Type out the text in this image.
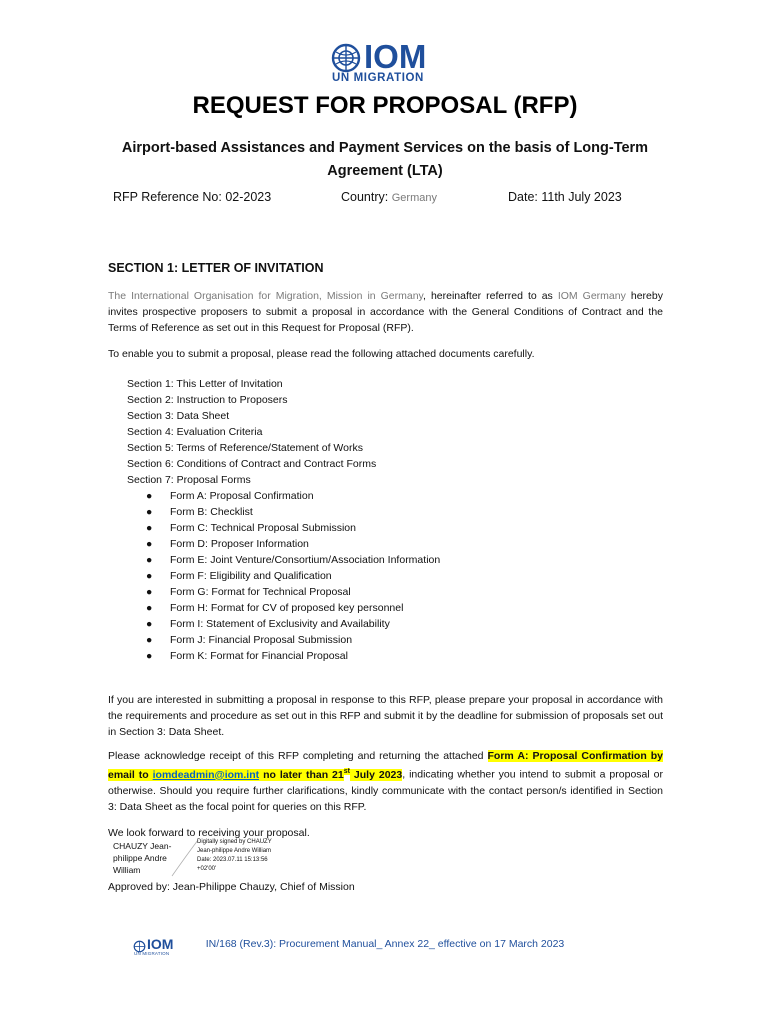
IOM
UN MIGRATION
REQUEST FOR PROPOSAL (RFP)
Airport-based Assistances and Payment Services on the basis of Long-Term
Agreement (LTA)
RFP Reference No: 02-2023	Country: Germany	Date: 11th July 2023
SECTION 1: LETTER OF INVITATION
The International Organisation for Migration, Mission in Germany, hereinafter referred to as IOM Germany hereby invites prospective proposers to submit a proposal in accordance with the General Conditions of Contract and the Terms of Reference as set out in this Request for Proposal (RFP).
To enable you to submit a proposal, please read the following attached documents carefully.
Section 1: This Letter of Invitation
Section 2: Instruction to Proposers
Section 3: Data Sheet
Section 4: Evaluation Criteria
Section 5: Terms of Reference/Statement of Works
Section 6: Conditions of Contract and Contract Forms
Section 7: Proposal Forms
● Form A: Proposal Confirmation
● Form B: Checklist
● Form C: Technical Proposal Submission
● Form D: Proposer Information
● Form E: Joint Venture/Consortium/Association Information
● Form F: Eligibility and Qualification
● Form G: Format for Technical Proposal
● Form H: Format for CV of proposed key personnel
● Form I: Statement of Exclusivity and Availability
● Form J: Financial Proposal Submission
● Form K: Format for Financial Proposal
If you are interested in submitting a proposal in response to this RFP, please prepare your proposal in accordance with the requirements and procedure as set out in this RFP and submit it by the deadline for submission of proposals set out in Section 3: Data Sheet.
Please acknowledge receipt of this RFP completing and returning the attached Form A: Proposal Confirmation by email to iomdeadmin@iom.int no later than 21st July 2023, indicating whether you intend to submit a proposal or otherwise. Should you require further clarifications, kindly communicate with the contact person/s identified in Section 3: Data Sheet as the focal point for queries on this RFP.
We look forward to receiving your proposal.
CHAUZY Jean-philippe Andre William
Digitally signed by CHAUZY
Jean-philippe Andre William
Date: 2023.07.11 15:13:56
+02'00'
Approved by: Jean-Philippe Chauzy, Chief of Mission
IOM
UN MIGRATION
IN/168 (Rev.3): Procurement Manual_ Annex 22_ effective on 17 March 2023
